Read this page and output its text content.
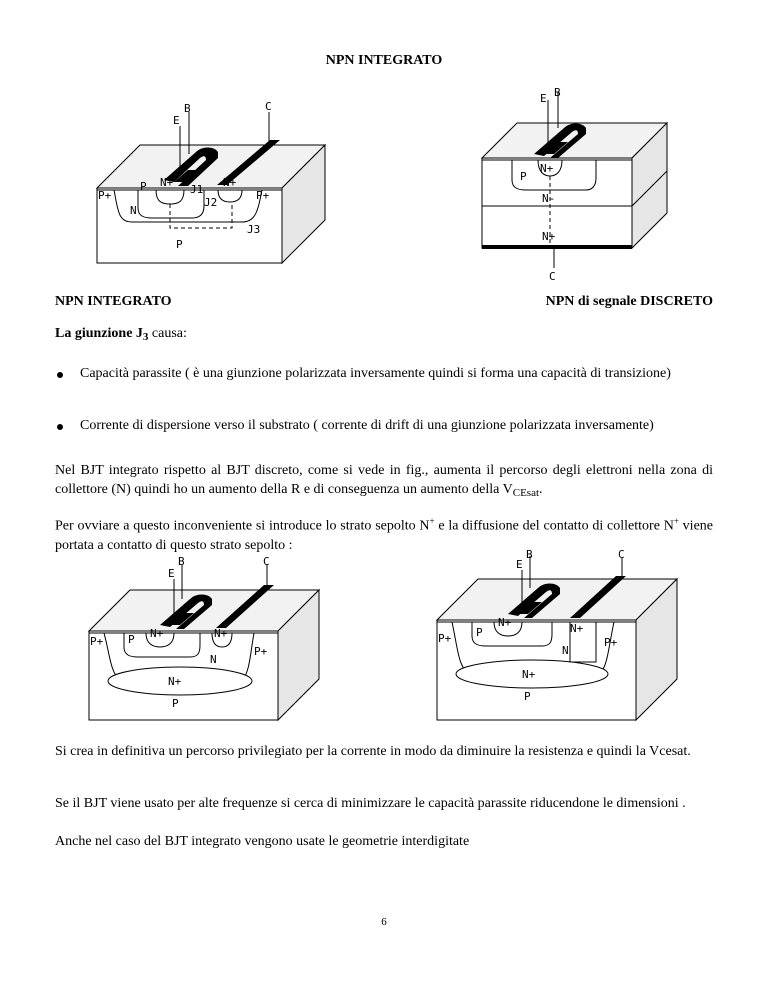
NPN INTEGRATO
E
B	C
P+	P+
P N+	N+
J1
J2
J3
N
P
E B
P
N+
N-
N+
C
NPN INTEGRATO	NPN di segnale DISCRETO
La giunzione $J_3$ causa:
Capacità parassite ( è una giunzione polarizzata inversamente quindi si forma una capacità di transizione)
Corrente di dispersione verso il substrato ( corrente di drift di una giunzione polarizzata inversamente)
Nel BJT integrato rispetto al BJT discreto, come si vede in fig., aumenta il percorso degli elettroni nella zona di collettore (N) quindi ho un aumento della R e di conseguenza un aumento della $V_{CEsat}$.
Per ovviare a questo inconveniente si introduce lo strato sepolto N+ e la diffusione del contatto di collettore N+ viene portata a contatto di questo strato sepolto :
E
B	C
P+
P+
P N+	N+
N
N+
P
E
B	C
P+	P+
P
N+	N+
N
N+
P
Si crea in definitiva un percorso privilegiato per la corrente in modo da diminuire la resistenza e quindi la Vcesat.
Se il BJT viene usato per alte frequenze si cerca di minimizzare le capacità parassite riducendone le dimensioni .
Anche nel caso del BJT integrato vengono usate le geometrie interdigitate
6
